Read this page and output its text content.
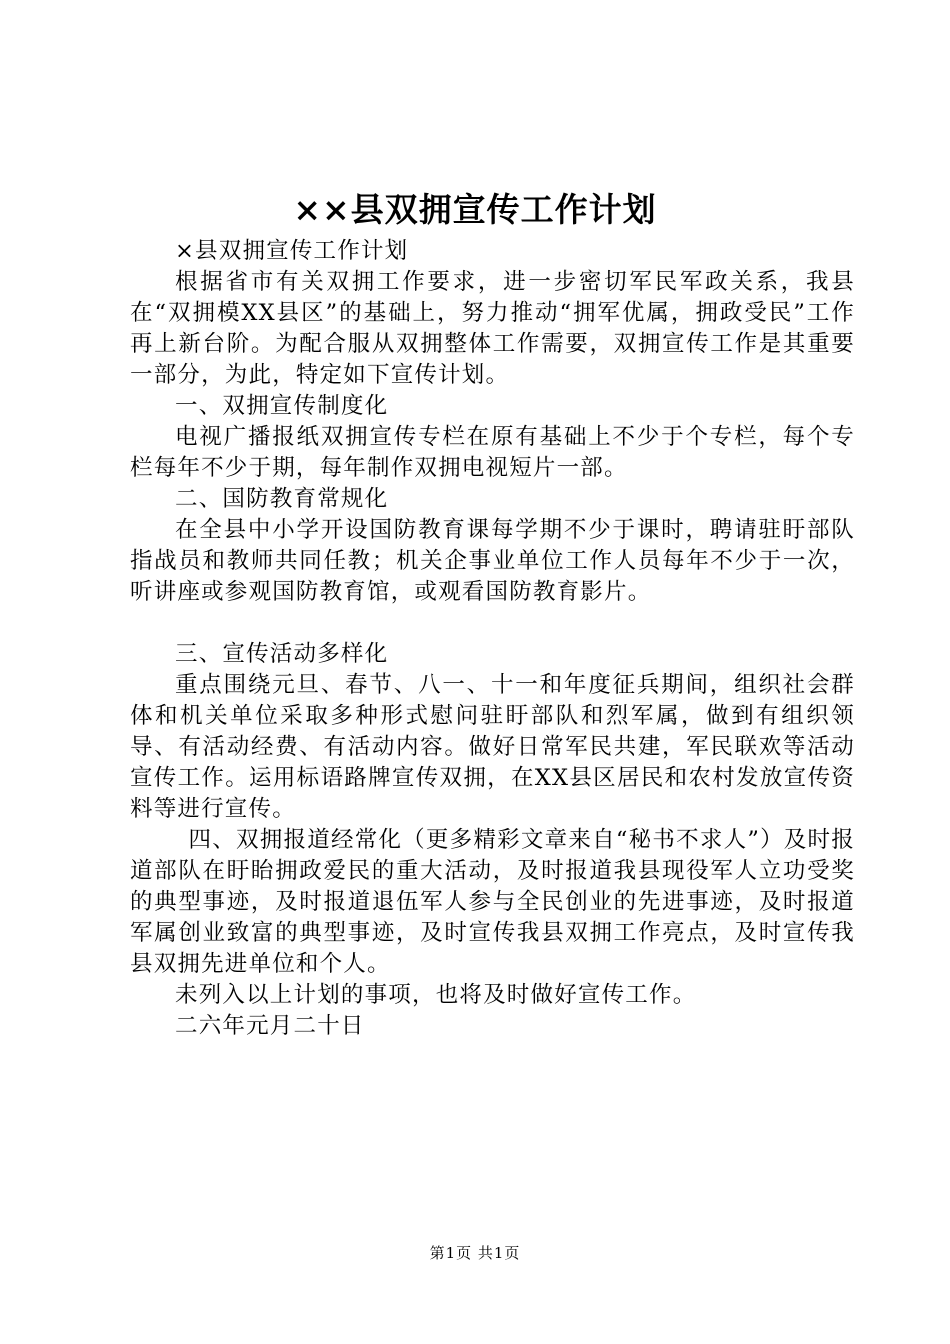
××县双拥宣传工作计划

×县双拥宣传工作计划

根据省市有关双拥工作要求，进一步密切军民军政关系，我县在“双拥模XX县区”的基础上，努力推动“拥军优属，拥政受民”工作再上新台阶。为配合服从双拥整体工作需要，双拥宣传工作是其重要一部分，为此，特定如下宣传计划。

一、双拥宣传制度化

电视广播报纸双拥宣传专栏在原有基础上不少于个专栏，每个专栏每年不少于期，每年制作双拥电视短片一部。

二、国防教育常规化

在全县中小学开设国防教育课每学期不少于课时，聘请驻盱部队指战员和教师共同任教；机关企事业单位工作人员每年不少于一次，听讲座或参观国防教育馆，或观看国防教育影片。

三、宣传活动多样化

重点围绕元旦、春节、八一、十一和年度征兵期间，组织社会群体和机关单位采取多种形式慰问驻盱部队和烈军属，做到有组织领导、有活动经费、有活动内容。做好日常军民共建，军民联欢等活动宣传工作。运用标语路牌宣传双拥，在XX县区居民和农村发放宣传资料等进行宣传。

四、双拥报道经常化（更多精彩文章来自“秘书不求人”）及时报道部队在盱眙拥政爱民的重大活动，及时报道我县现役军人立功受奖的典型事迹，及时报道退伍军人参与全民创业的先进事迹，及时报道军属创业致富的典型事迹，及时宣传我县双拥工作亮点，及时宣传我县双拥先进单位和个人。

未列入以上计划的事项，也将及时做好宣传工作。

二六年元月二十日

第1页 共1页
